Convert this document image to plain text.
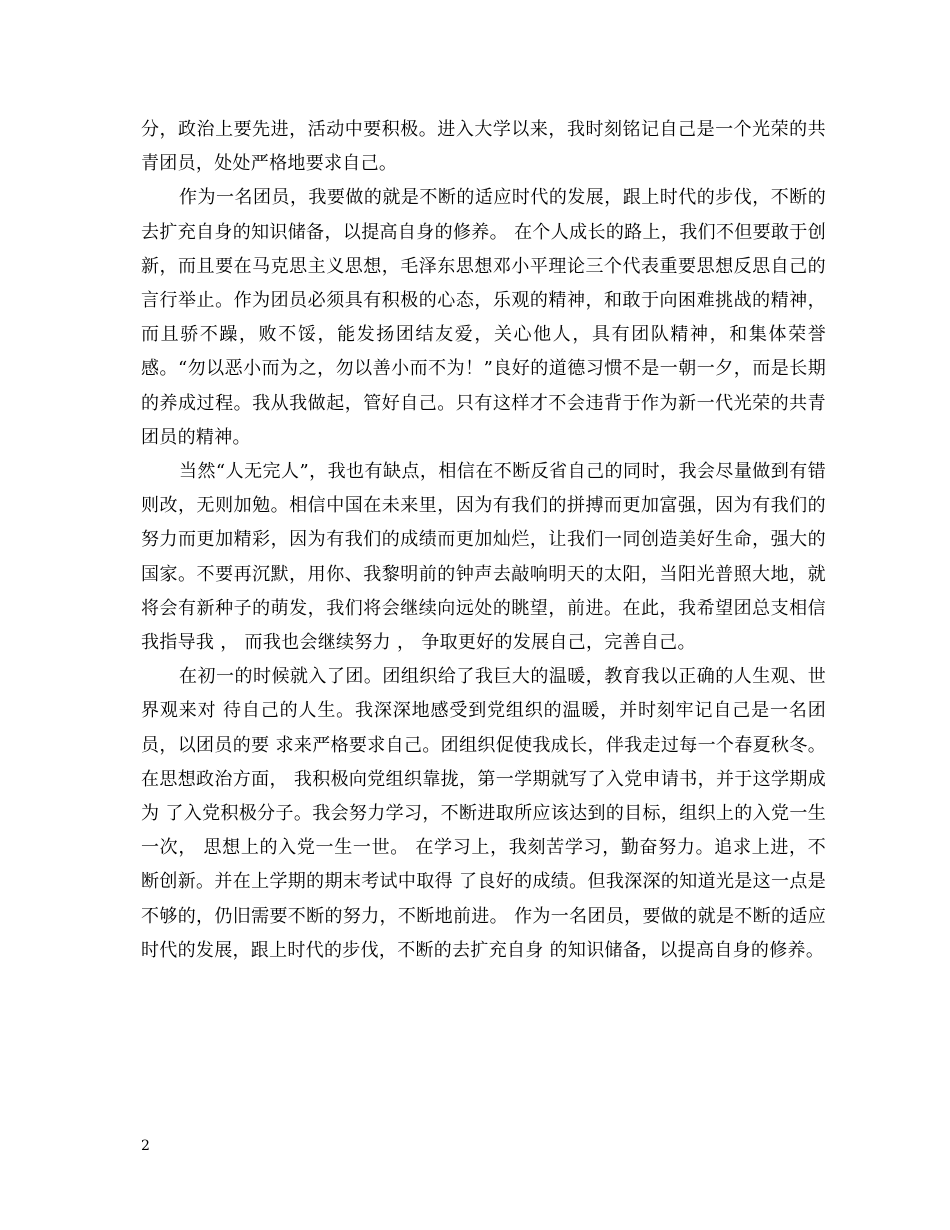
分，政治上要先进，活动中要积极。进入大学以来，我时刻铭记自己是一个光荣的共青团员，处处严格地要求自己。

作为一名团员，我要做的就是不断的适应时代的发展，跟上时代的步伐，不断的去扩充自身的知识储备，以提高自身的修养。 在个人成长的路上，我们不但要敢于创新，而且要在马克思主义思想，毛泽东思想邓小平理论三个代表重要思想反思自己的言行举止。作为团员必须具有积极的心态，乐观的精神，和敢于向困难挑战的精神，而且骄不躁，败不馁，能发扬团结友爱，关心他人，具有团队精神，和集体荣誉感。“勿以恶小而为之，勿以善小而不为！”良好的道德习惯不是一朝一夕，而是长期的养成过程。我从我做起，管好自己。只有这样才不会违背于作为新一代光荣的共青团员的精神。

当然“人无完人”，我也有缺点，相信在不断反省自己的同时，我会尽量做到有错则改，无则加勉。相信中国在未来里，因为有我们的拼搏而更加富强，因为有我们的努力而更加精彩，因为有我们的成绩而更加灿烂，让我们一同创造美好生命，强大的国家。不要再沉默，用你、我黎明前的钟声去敲响明天的太阳，当阳光普照大地，就将会有新种子的萌发，我们将会继续向远处的眺望，前进。在此，我希望团总支相信我指导我 ， 而我也会继续努力 ， 争取更好的发展自己，完善自己。

在初一的时候就入了团。团组织给了我巨大的温暖，教育我以正确的人生观、世界观来对 待自己的人生。我深深地感受到党组织的温暖，并时刻牢记自己是一名团员，以团员的要 求来严格要求自己。团组织促使我成长，伴我走过每一个春夏秋冬。 在思想政治方面， 我积极向党组织靠拢，第一学期就写了入党申请书，并于这学期成为 了入党积极分子。我会努力学习，不断进取所应该达到的目标，组织上的入党一生一次， 思想上的入党一生一世。 在学习上，我刻苦学习，勤奋努力。追求上进，不断创新。并在上学期的期末考试中取得 了良好的成绩。但我深深的知道光是这一点是不够的，仍旧需要不断的努力，不断地前进。 作为一名团员，要做的就是不断的适应时代的发展，跟上时代的步伐，不断的去扩充自身 的知识储备，以提高自身的修养。

2
